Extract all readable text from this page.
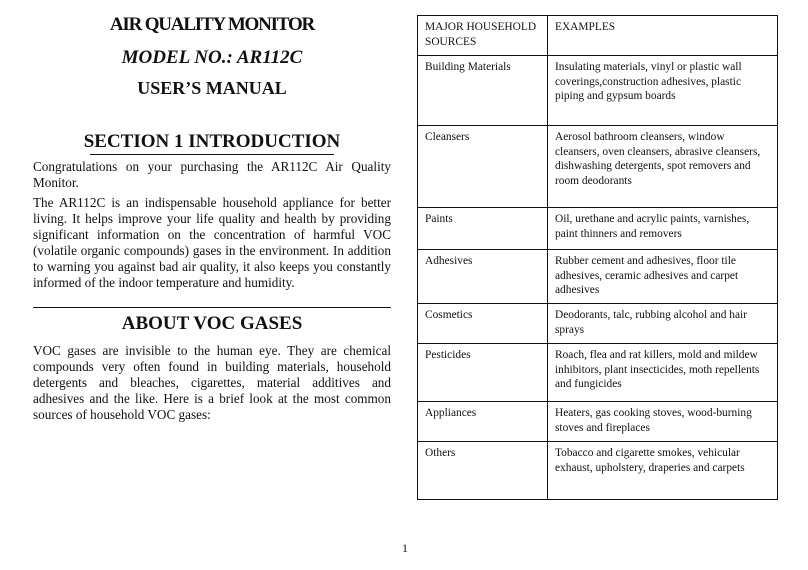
AIR QUALITY MONITOR
MODEL NO.: AR112C
USER’S MANUAL
SECTION 1 INTRODUCTION

Congratulations on your purchasing the AR112C Air Quality Monitor.

The AR112C is an indispensable household appliance for better living. It helps improve your life quality and health by providing significant information on the concentration of harmful VOC (volatile organic compounds) gases in the environment. In addition to warning you against bad air quality, it also keeps you constantly informed of the indoor temperature and humidity.

ABOUT VOC GASES

VOC gases are invisible to the human eye. They are chemical compounds very often found in building materials, household detergents and bleaches, cigarettes, material additives and adhesives and the like. Here is a brief look at the most common sources of household VOC gases:

MAJOR HOUSEHOLD SOURCES	EXAMPLES
Building Materials	Insulating materials, vinyl or plastic wall coverings,construction adhesives, plastic piping and gypsum boards
Cleansers	Aerosol bathroom cleansers, window cleansers, oven cleansers, abrasive cleansers, dishwashing detergents, spot removers and room deodorants
Paints	Oil, urethane and acrylic paints, varnishes, paint thinners and removers
Adhesives	Rubber cement and adhesives, floor tile adhesives, ceramic adhesives and carpet adhesives
Cosmetics	Deodorants, talc, rubbing alcohol and hair sprays
Pesticides	Roach, flea and rat killers, mold and mildew inhibitors, plant insecticides, moth repellents and fungicides
Appliances	Heaters, gas cooking stoves, wood-burning stoves and fireplaces
Others	Tobacco and cigarette smokes, vehicular exhaust, upholstery, draperies and carpets
1
